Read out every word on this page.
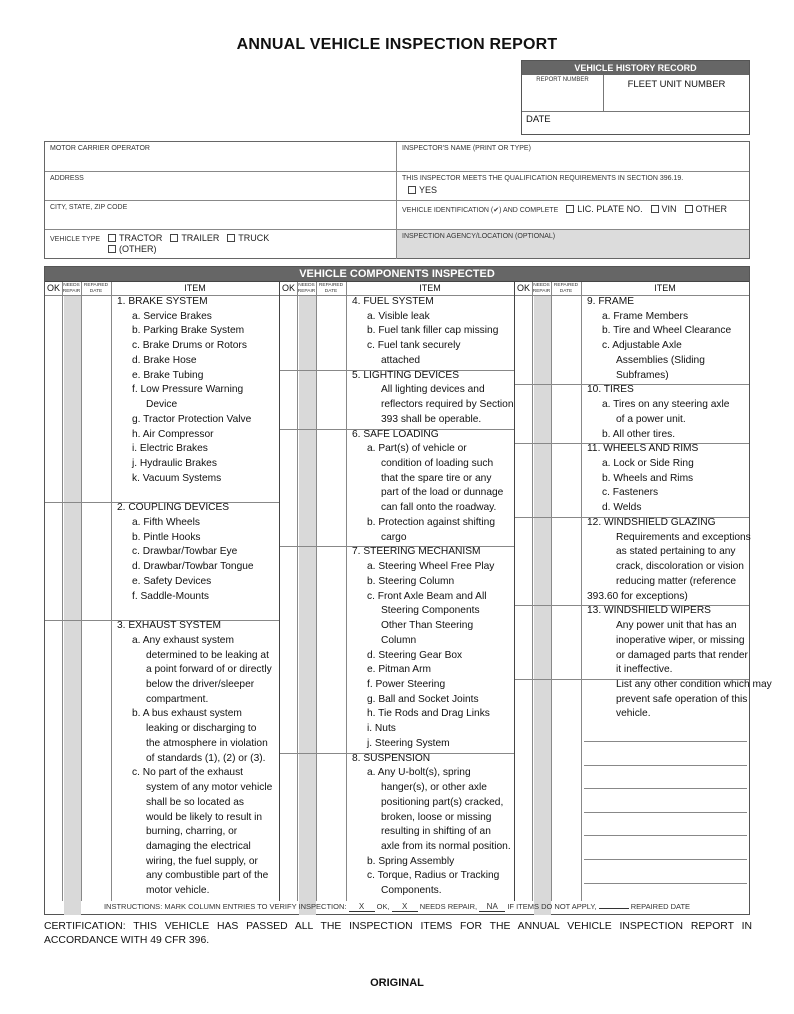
ANNUAL VEHICLE INSPECTION REPORT
VEHICLE HISTORY RECORD
REPORT NUMBER	FLEET UNIT NUMBER
DATE
MOTOR CARRIER OPERATOR	INSPECTOR'S NAME (PRINT OR TYPE)
ADDRESS	THIS INSPECTOR MEETS THE QUALIFICATION REQUIREMENTS IN SECTION 396.19.
YES
CITY, STATE, ZIP CODE	VEHICLE IDENTIFICATION (✔) AND COMPLETE LIC. PLATE NO. VIN OTHER
VEHICLE TYPE TRACTOR TRAILER TRUCK
(OTHER)
INSPECTION AGENCY/LOCATION (OPTIONAL)
VEHICLE COMPONENTS INSPECTED
OK NEEDS REPAIR
REPAIRED DATE	ITEM	OK NEEDS REPAIR
REPAIRED DATE	ITEM	OK NEEDS REPAIR
REPAIRED DATE	ITEM
1. BRAKE SYSTEM
a. Service Brakes
b. Parking Brake System
c. Brake Drums or Rotors
d. Brake Hose
e. Brake Tubing
f. Low Pressure Warning
Device
g. Tractor Protection Valve
h. Air Compressor
i. Electric Brakes
j. Hydraulic Brakes
k. Vacuum Systems
2. COUPLING DEVICES
a. Fifth Wheels
b. Pintle Hooks
c. Drawbar/Towbar Eye
d. Drawbar/Towbar Tongue
e. Safety Devices
f. Saddle-Mounts
3. EXHAUST SYSTEM
a. Any exhaust system
determined to be leaking at
a point forward of or directly
below the driver/sleeper
compartment.
b. A bus exhaust system
leaking or discharging to
the atmosphere in violation
of standards (1), (2) or (3).
c. No part of the exhaust
system of any motor vehicle
shall be so located as
would be likely to result in
burning, charring, or
damaging the electrical
wiring, the fuel supply, or
any combustible part of the
motor vehicle.
4. FUEL SYSTEM
a. Visible leak
b. Fuel tank filler cap missing
c. Fuel tank securely
attached
5. LIGHTING DEVICES
All lighting devices and
reflectors required by Section
393 shall be operable.
6. SAFE LOADING
a. Part(s) of vehicle or
condition of loading such
that the spare tire or any
part of the load or dunnage
can fall onto the roadway.
b. Protection against shifting
cargo
7. STEERING MECHANISM
a. Steering Wheel Free Play
b. Steering Column
c. Front Axle Beam and All
Steering Components
Other Than Steering
Column
d. Steering Gear Box
e. Pitman Arm
f. Power Steering
g. Ball and Socket Joints
h. Tie Rods and Drag Links
i. Nuts
j. Steering System
8. SUSPENSION
a. Any U-bolt(s), spring
hanger(s), or other axle
positioning part(s) cracked,
broken, loose or missing
resulting in shifting of an
axle from its normal position.
b. Spring Assembly
c. Torque, Radius or Tracking
Components.
9. FRAME
a. Frame Members
b. Tire and Wheel Clearance
c. Adjustable Axle
Assemblies (Sliding
Subframes)
10. TIRES
a. Tires on any steering axle
of a power unit.
b. All other tires.
11. WHEELS AND RIMS
a. Lock or Side Ring
b. Wheels and Rims
c. Fasteners
d. Welds
12. WINDSHIELD GLAZING
Requirements and exceptions
as stated pertaining to any
crack, discoloration or vision
reducing matter (reference
393.60 for exceptions)
13. WINDSHIELD WIPERS
Any power unit that has an
inoperative wiper, or missing
or damaged parts that render
it ineffective.
List any other condition which may
prevent safe operation of this
vehicle.
INSTRUCTIONS: MARK COLUMN ENTRIES TO VERIFY INSPECTION: X OK, X NEEDS REPAIR, NA IF ITEMS DO NOT APPLY,	REPAIRED DATE
CERTIFICATION: THIS VEHICLE HAS PASSED ALL THE INSPECTION ITEMS FOR THE ANNUAL VEHICLE INSPECTION REPORT IN ACCORDANCE WITH 49 CFR 396.
ORIGINAL
